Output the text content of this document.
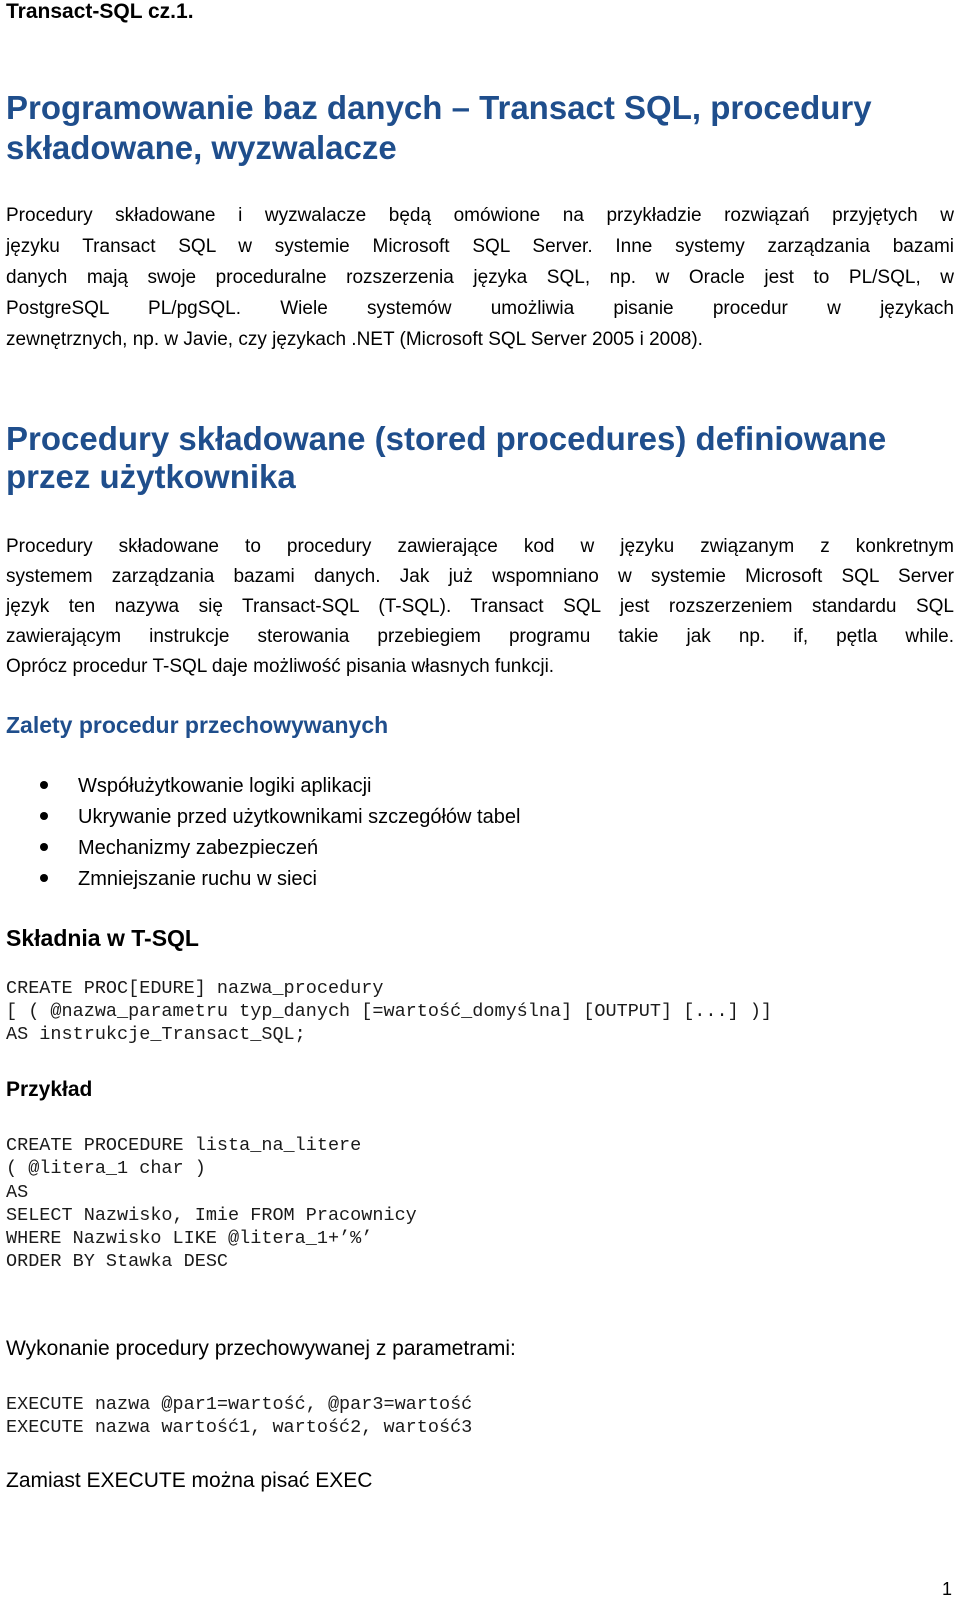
Transact-SQL cz.1.
Programowanie baz danych – Transact SQL, procedury
składowane, wyzwalacze
Procedury składowane i wyzwalacze będą omówione na przykładzie rozwiązań przyjętych w
języku Transact SQL w systemie Microsoft SQL Server. Inne systemy zarządzania bazami
danych mają swoje proceduralne rozszerzenia języka SQL, np. w Oracle jest to PL/SQL, w
PostgreSQL PL/pgSQL. Wiele systemów umożliwia pisanie procedur w językach
zewnętrznych, np. w Javie, czy językach .NET (Microsoft SQL Server 2005 i 2008).
Procedury składowane (stored procedures) definiowane
przez użytkownika
Procedury składowane to procedury zawierające kod w języku związanym z konkretnym
systemem zarządzania bazami danych. Jak już wspomniano w systemie Microsoft SQL Server
język ten nazywa się Transact-SQL (T-SQL). Transact SQL jest rozszerzeniem standardu SQL
zawierającym instrukcje sterowania przebiegiem programu takie jak np. if, pętla while.
Oprócz procedur T-SQL daje możliwość pisania własnych funkcji.
Zalety procedur przechowywanych
Współużytkowanie logiki aplikacji
Ukrywanie przed użytkownikami szczegółów tabel
Mechanizmy zabezpieczeń
Zmniejszanie ruchu w sieci
Składnia w T-SQL
CREATE PROC[EDURE] nazwa_procedury
[ ( @nazwa_parametru typ_danych [=wartość_domyślna] [OUTPUT] [...] )]
AS instrukcje_Transact_SQL;
Przykład
CREATE PROCEDURE lista_na_litere
( @litera_1 char )
AS
SELECT Nazwisko, Imie FROM Pracownicy
WHERE Nazwisko LIKE @litera_1+’%’
ORDER BY Stawka DESC
Wykonanie procedury przechowywanej z parametrami:
EXECUTE nazwa @par1=wartość, @par3=wartość
EXECUTE nazwa wartość1, wartość2, wartość3
Zamiast EXECUTE można pisać EXEC
1
